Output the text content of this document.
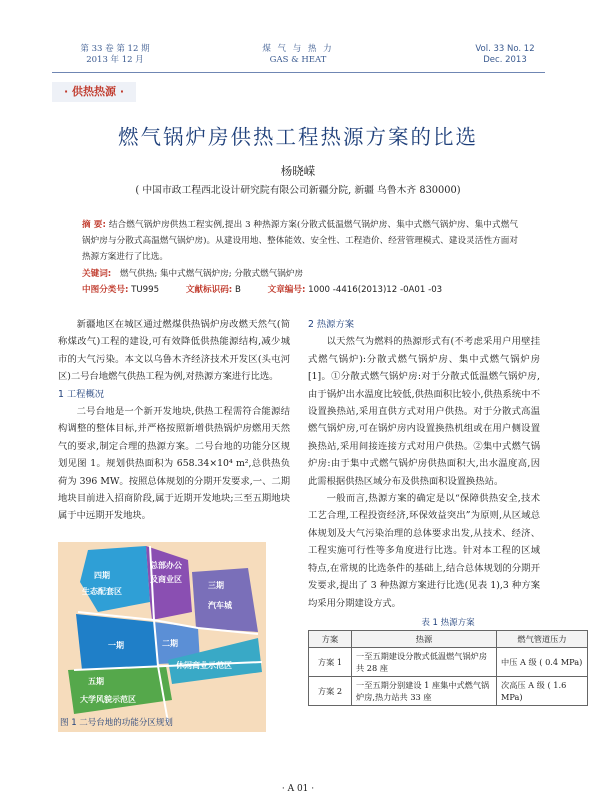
第 33 卷 第 12 期
2013 年 12 月
煤 气 与 热 力
GAS & HEAT
Vol. 33 No. 12
Dec. 2013
· 供热热源 ·
燃气锅炉房供热工程热源方案的比选
杨晓嵘
( 中国市政工程西北设计研究院有限公司新疆分院, 新疆 乌鲁木齐 830000)
摘 要: 结合燃气锅炉房供热工程实例,提出 3 种热源方案(分散式低温燃气锅炉房、集中式燃气锅炉房、集中式燃气锅炉房与分散式高温燃气锅炉房)。从建设用地、整体能效、安全性、工程造价、经营管理模式、建设灵活性方面对热源方案进行了比选。
关键词: 燃气供热; 集中式燃气锅炉房; 分散式燃气锅炉房
中图分类号: TU995	文献标识码: B	文章编号: 1000 -4416(2013)12 -0A01 -03

新疆地区在城区通过燃煤供热锅炉房改燃天然气(简称煤改气)工程的建设,可有效降低供热能源结构,减少城市的大气污染。本文以乌鲁木齐经济技术开发区(头屯河区)二号台地燃气供热工程为例,对热源方案进行比选。

1 工程概况

二号台地是一个新开发地块,供热工程需符合能源结构调整的整体目标,并严格按照新增供热锅炉房燃用天然气的要求,制定合理的热源方案。二号台地的功能分区规划见图 1。规划供热面积为 658.34×10⁴ m²,总供热负荷为 396 MW。按照总体规划的分期开发要求,一、二期地块目前进入招商阶段,属于近期开发地块;三至五期地块属于中远期开发地块。

四期
生态配套区
总部办公
及商业区
二期
三期
汽车城
一期
休闲商业示范区
五期
大学风貌示范区
图 1 二号台地的功能分区规划

2 热源方案

以天然气为燃料的热源形式有(不考虑采用户用壁挂式燃气锅炉):分散式燃气锅炉房、集中式燃气锅炉房[1]。①分散式燃气锅炉房:对于分散式低温燃气锅炉房,由于锅炉出水温度比较低,供热面积比较小,供热系统中不设置换热站,采用直供方式对用户供热。对于分散式高温燃气锅炉房,可在锅炉房内设置换热机组或在用户侧设置换热站,采用间接连接方式对用户供热。②集中式燃气锅炉房:由于集中式燃气锅炉房供热面积大,出水温度高,因此需根据供热区域分布及供热面积设置换热站。

一般而言,热源方案的确定是以“保障供热安全,技术工艺合理,工程投资经济,环保效益突出”为原则,从区域总体规划及大气污染治理的总体要求出发,从技术、经济、工程实施可行性等多角度进行比选。针对本工程的区域特点,在常规的比选条件的基础上,结合总体规划的分期开发要求,提出了 3 种热源方案进行比选(见表 1),3 种方案均采用分期建设方式。

表 1 热源方案
方案	热源	燃气管道压力
方案 1	一至五期建设分散式低温燃气锅炉房共 28 座	中压 A 级 ( 0.4 MPa)
方案 2	一至五期分别建设 1 座集中式燃气锅炉房,热力站共 33 座	次高压 A 级 ( 1.6 MPa)
· A 01 ·
